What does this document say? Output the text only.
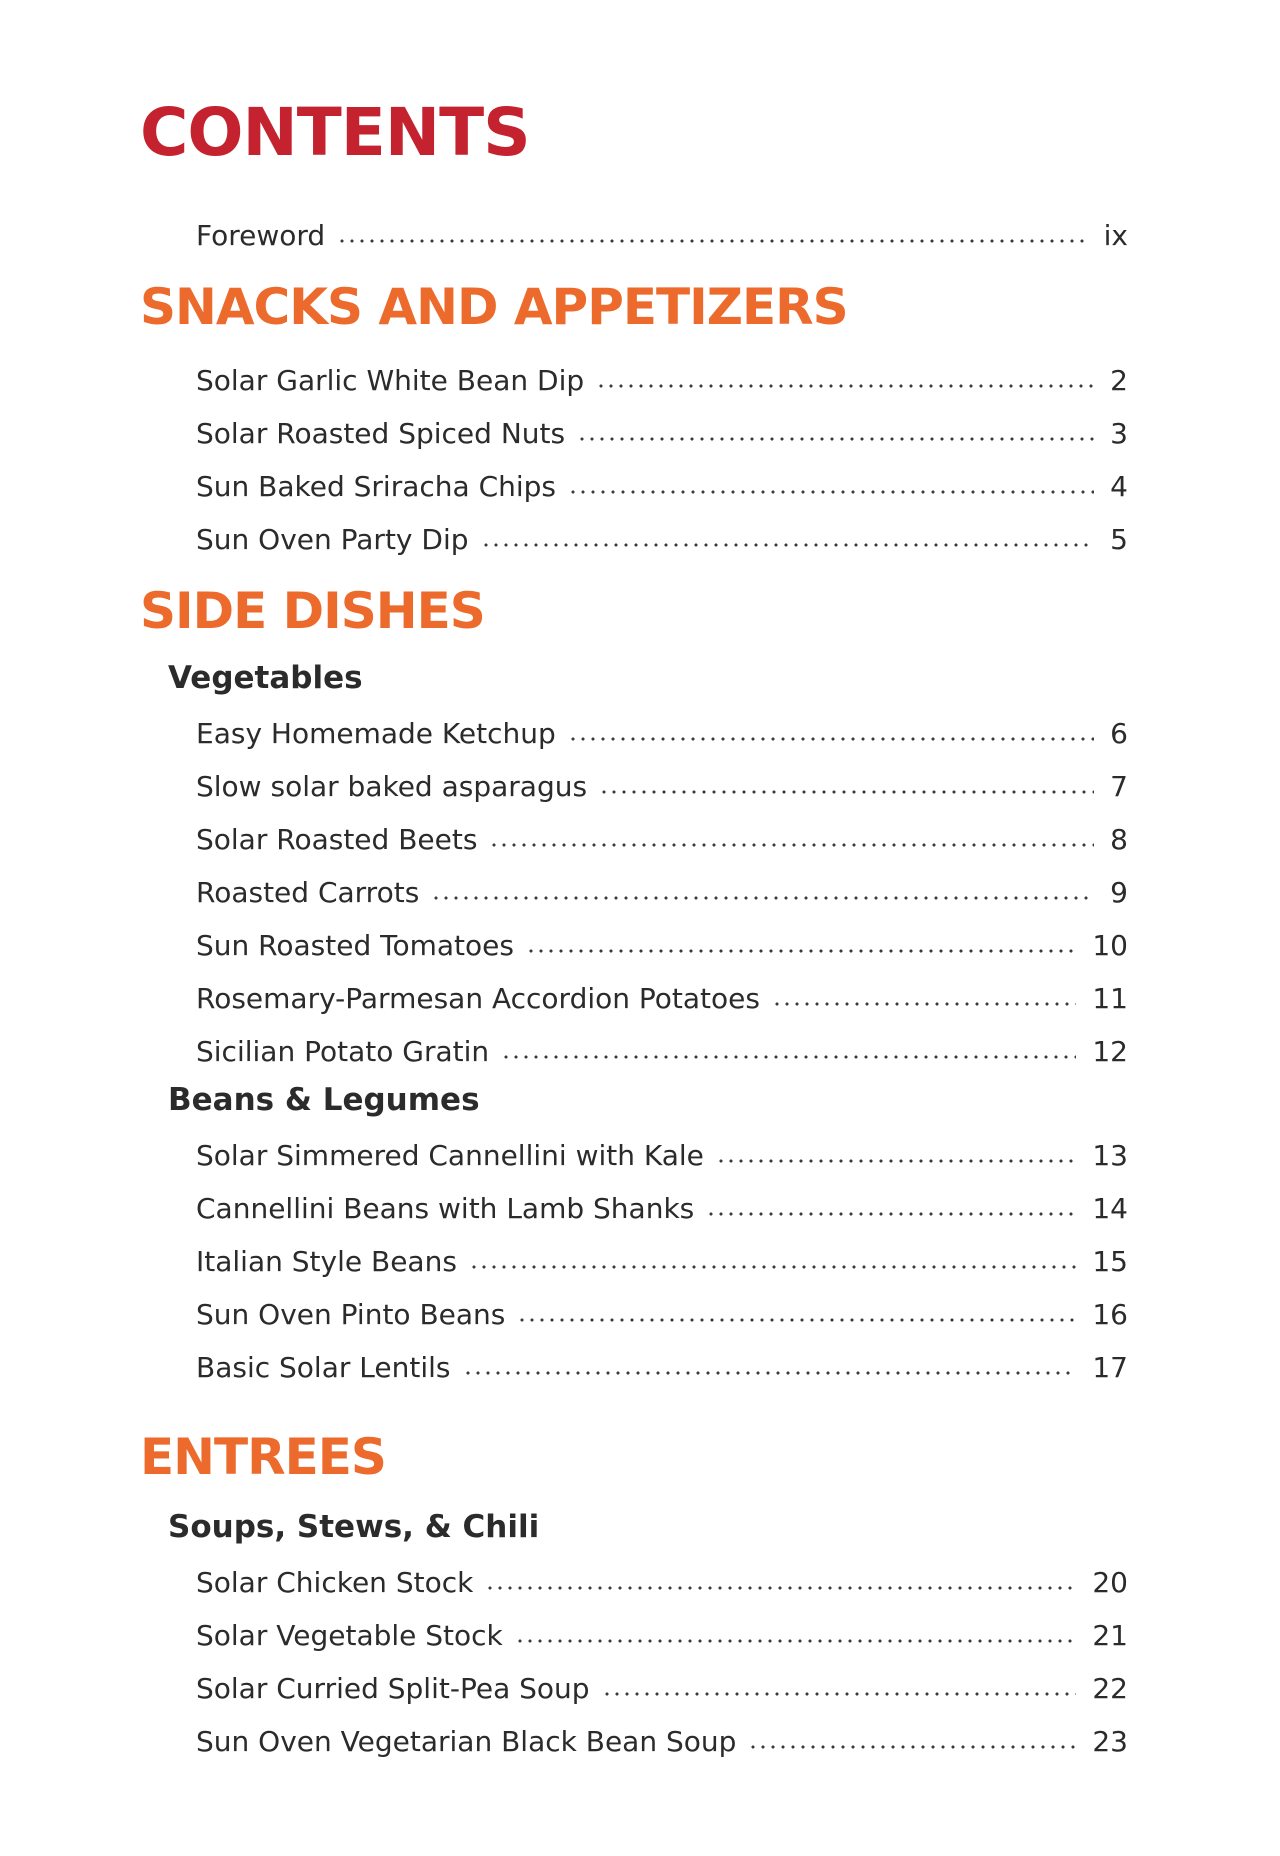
CONTENTS
Foreword	ix
SNACKS AND APPETIZERS
Solar Garlic White Bean Dip	2
Solar Roasted Spiced Nuts	3
Sun Baked Sriracha Chips	4
Sun Oven Party Dip	5
SIDE DISHES
Vegetables
Easy Homemade Ketchup	6
Slow solar baked asparagus	7
Solar Roasted Beets	8
Roasted Carrots	9
Sun Roasted Tomatoes	10
Rosemary-Parmesan Accordion Potatoes	11
Sicilian Potato Gratin	12
Beans & Legumes
Solar Simmered Cannellini with Kale	13
Cannellini Beans with Lamb Shanks	14
Italian Style Beans	15
Sun Oven Pinto Beans	16
Basic Solar Lentils	17
ENTREES
Soups, Stews, & Chili
Solar Chicken Stock	20
Solar Vegetable Stock	21
Solar Curried Split-Pea Soup	22
Sun Oven Vegetarian Black Bean Soup	23
